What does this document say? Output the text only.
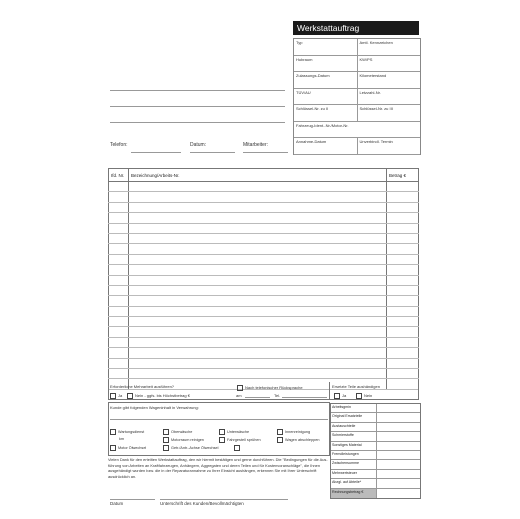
Werkstattauftrag
Typ	Amtl. Kennzeichen
Hubraum	KW/PS
Zulassungs-Datum	Kilometerstand
TÜV/AU	Letzzahl-Nr.
Schlüssel-Nr. zu II	Schlüssel-Nr. zu III
Fahrzeug-Ident.-Nr./Motor-Nr.
Annahme-Datum	Unverbindl. Termin
Telefon:	Datum:	Mitarbeiter:
Ifd. Nr.	Bezeichnung/Arbeits-Nr.	Betrag €

Erforderliche Mehrarbeit ausführen?
Ja	Nein - ggfs. bis Höchstbetrag €
Nach telefonischer Rücksprache
am	Tel.
Ersetzte Teile aushändigen
Ja	Nein
Kunde gibt folgenden Wageninhalt in Verwahrung:
Wartungsdienst	Oberwäsche	Unterwäsche	Innenreinigung
km	Motorraum reinigen	Fahrgestell sprühen	Wagen abschleppen
Motor Ölwechsel	Getr./Antr.-Achse Ölwechsel
Arbeitsgmin
Original Ersatzteile
Austauschteile
Schmierstoffe
Sonstiges Material
Fremdleistungen
Zwischensumme
Mehrwertsteuer
Abzgl. auf Abteile*
Rechnungsbetrag €
Vielen Dank für den erteilten Werkstattauftrag, den wir hiermit bestätigen und gerne durchführen. Die "Bedingungen für die Aus- führung von Arbeiten an Kraftfahrzeugen, Anhängern, Aggregaten und deren Teilen und für Kostenvoranschläge", die Ihnen ausgehändigt wurden bzw. die in der Reparaturannahme zu Ihrer Einsicht aushängen, erkennen Sie mit Ihrer Unterschrift ausdrücklich an.
Datum	Unterschrift des Kunden/Bevollmächtigten
